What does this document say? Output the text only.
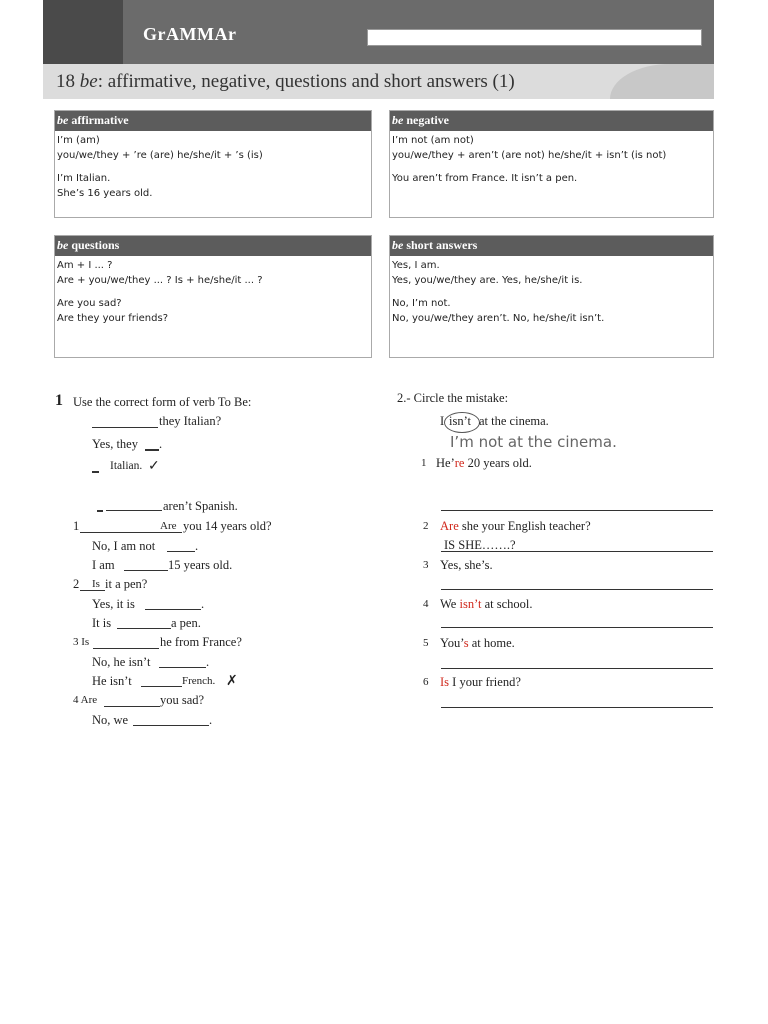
GrAMMAr
18 be: affirmative, negative, questions and short answers (1)
be affirmative
I’m (am)
you/we/they + ’re (are) he/she/it + ’s (is)
I’m Italian.
She’s 16 years old.
be negative
I’m not (am not)
you/we/they + aren’t (are not) he/she/it + isn’t (is not)
You aren’t from France. It isn’t a pen.
be questions
Am + I ... ?
Are + you/we/they ... ? Is + he/she/it ... ?
Are you sad?
Are they your friends?
be short answers
Yes, I am.
Yes, you/we/they are. Yes, he/she/it is.
No, I’m not.
No, you/we/they aren’t. No, he/she/it isn’t.
1 Use the correct form of verb To Be:
they Italian?
Yes, they .
Italian. ✓
aren’t Spanish.
1	Are you 14 years old?
No, I am not	.
I am	15 years old.
2 Is it a pen?
Yes, it is	.
It is	a pen.
3 Is	he from France?
No, he isn’t	.
He isn’t	French. ✗
4 Are	you sad?
No, we	.
2.- Circle the mistake:
I isn’t at the cinema.
I’m not at the cinema.
1 He’re 20 years old.
2 Are she your English teacher?
IS SHE…….?
3 Yes, she’s.
4 We isn’t at school.
5 You’s at home.
6 Is I your friend?
